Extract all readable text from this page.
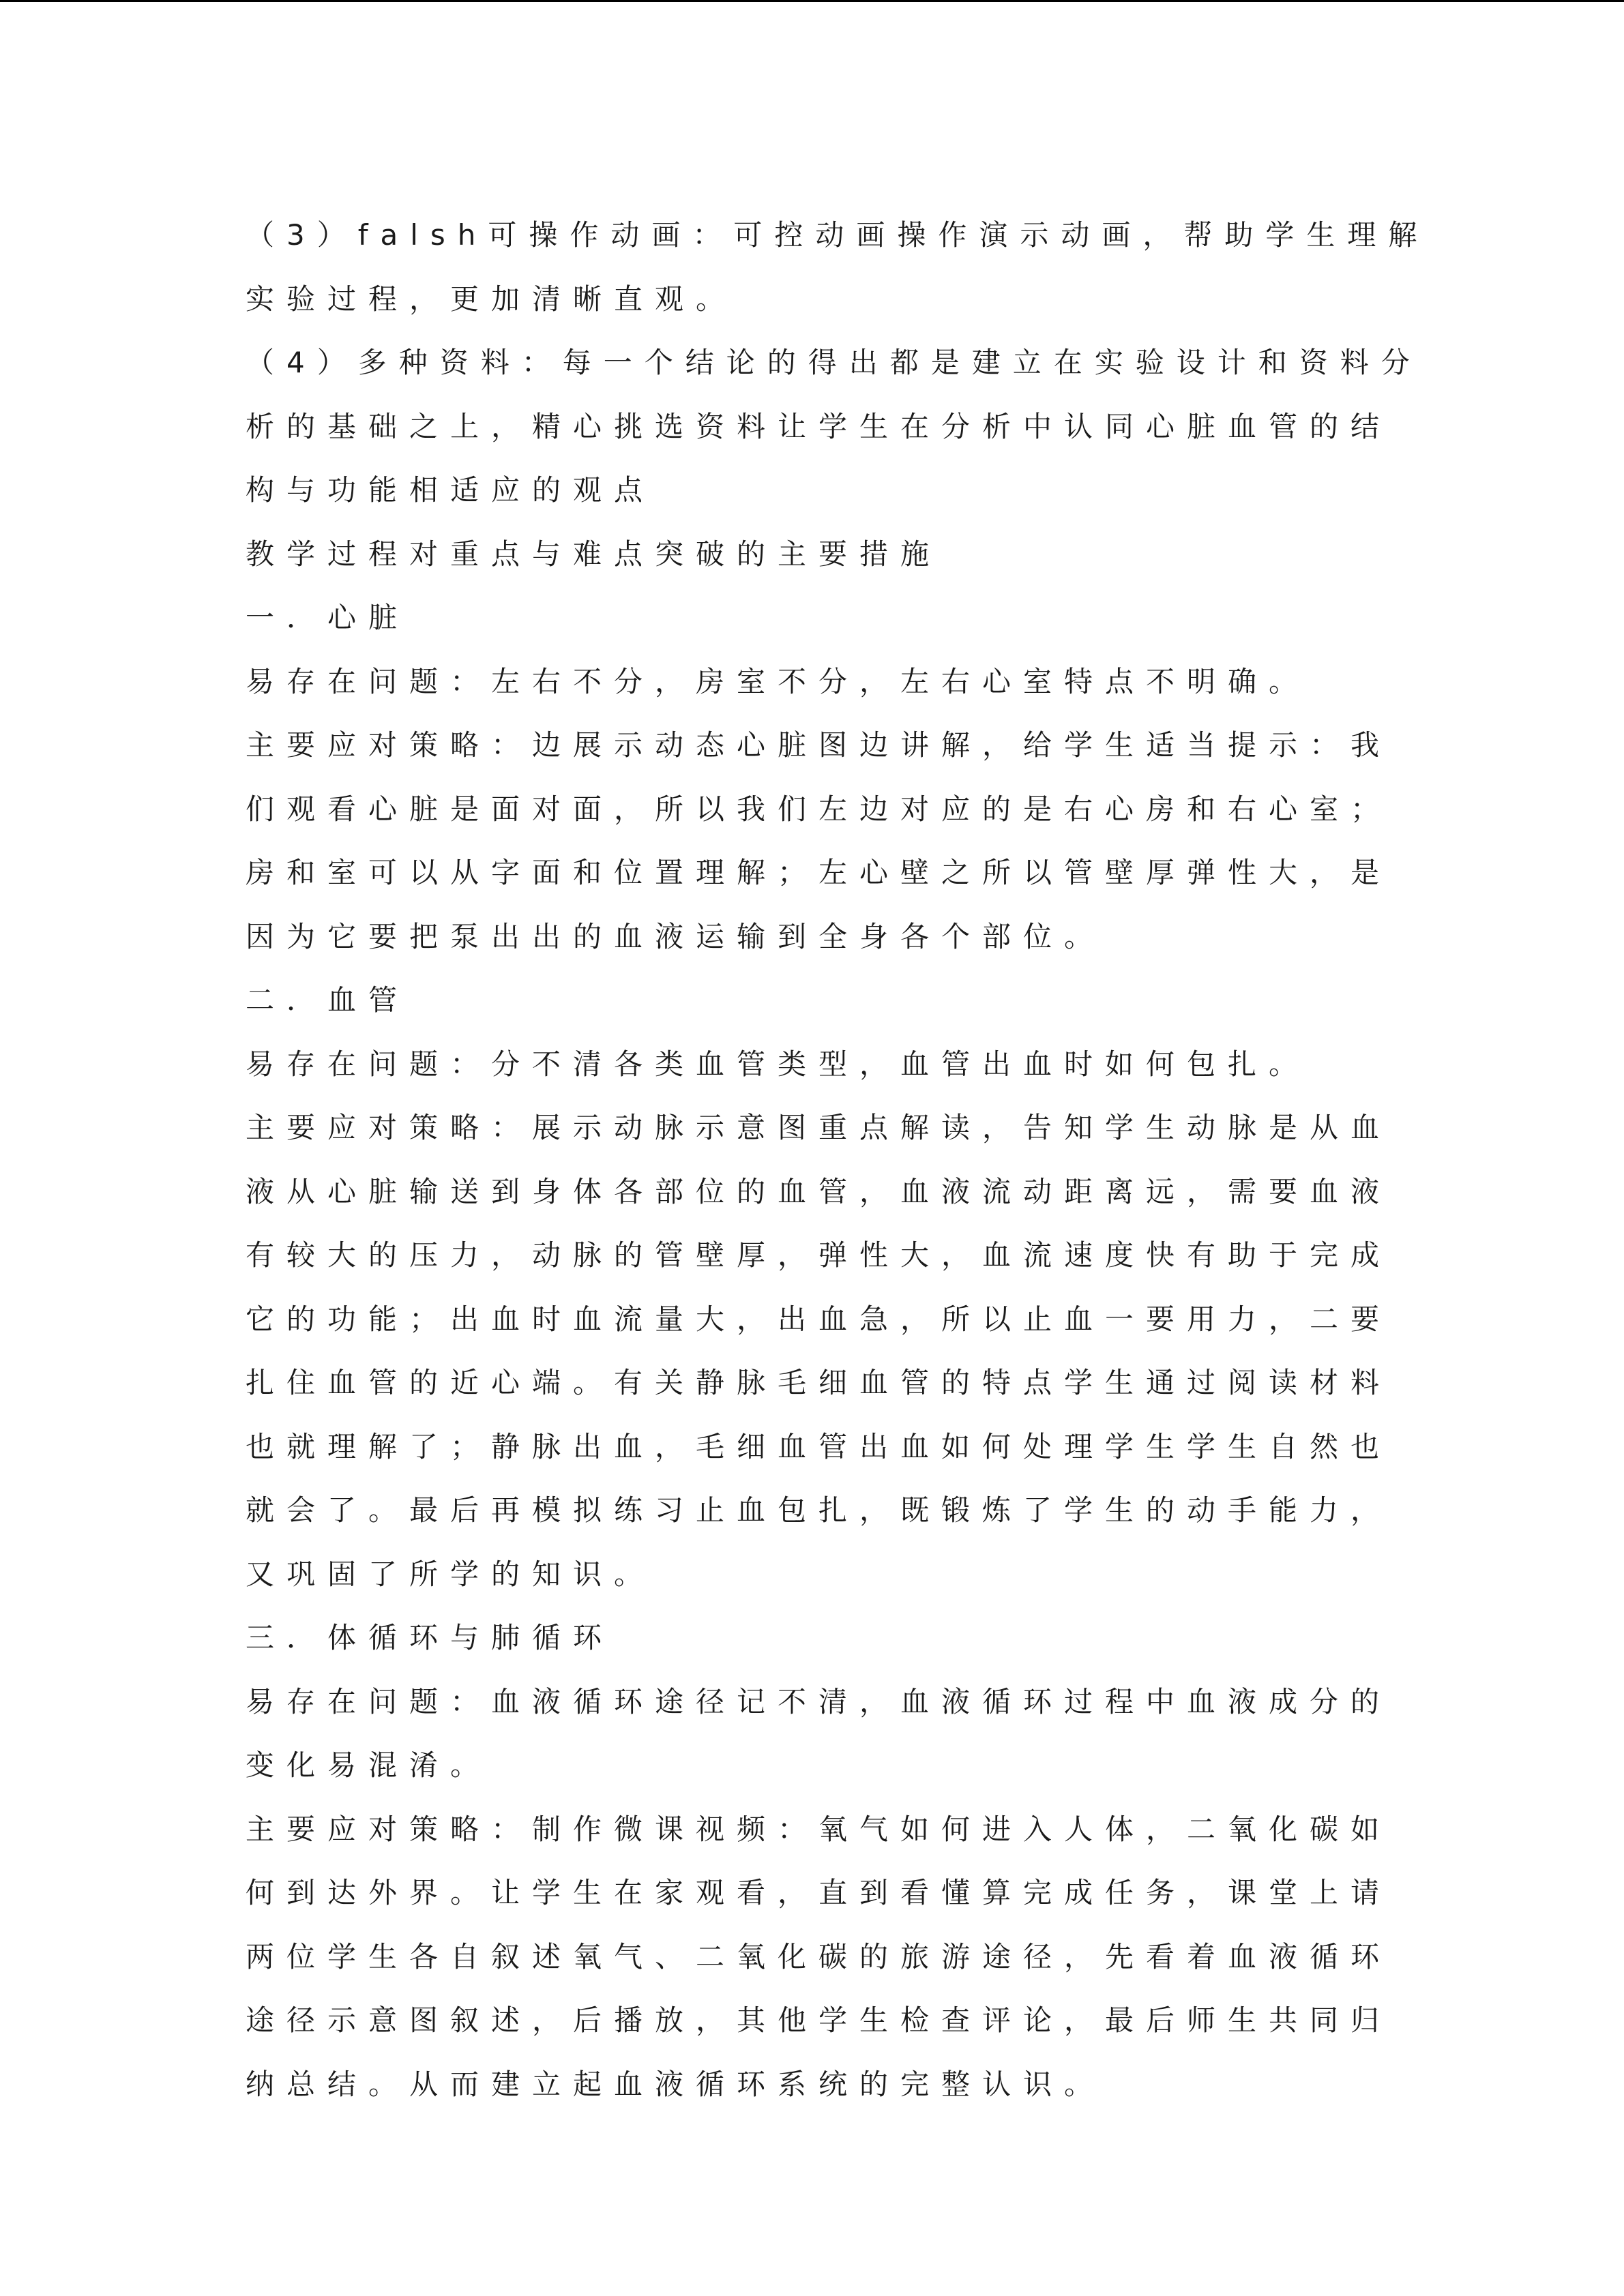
（3）falsh可操作动画：可控动画操作演示动画，帮助学生理解
实验过程，更加清晰直观。
（4）多种资料：每一个结论的得出都是建立在实验设计和资料分
析的基础之上，精心挑选资料让学生在分析中认同心脏血管的结
构与功能相适应的观点
教学过程对重点与难点突破的主要措施
一．心脏
易存在问题：左右不分，房室不分，左右心室特点不明确。
主要应对策略：边展示动态心脏图边讲解，给学生适当提示：我
们观看心脏是面对面，所以我们左边对应的是右心房和右心室；
房和室可以从字面和位置理解；左心壁之所以管壁厚弹性大，是
因为它要把泵出出的血液运输到全身各个部位。
二．血管
易存在问题：分不清各类血管类型，血管出血时如何包扎。
主要应对策略：展示动脉示意图重点解读，告知学生动脉是从血
液从心脏输送到身体各部位的血管，血液流动距离远，需要血液
有较大的压力，动脉的管壁厚，弹性大，血流速度快有助于完成
它的功能；出血时血流量大，出血急，所以止血一要用力，二要
扎住血管的近心端。有关静脉毛细血管的特点学生通过阅读材料
也就理解了；静脉出血，毛细血管出血如何处理学生学生自然也
就会了。最后再模拟练习止血包扎，既锻炼了学生的动手能力，
又巩固了所学的知识。
三．体循环与肺循环
易存在问题：血液循环途径记不清，血液循环过程中血液成分的
变化易混淆。
主要应对策略：制作微课视频：氧气如何进入人体，二氧化碳如
何到达外界。让学生在家观看，直到看懂算完成任务，课堂上请
两位学生各自叙述氧气、二氧化碳的旅游途径，先看着血液循环
途径示意图叙述，后播放，其他学生检查评论，最后师生共同归
纳总结。从而建立起血液循环系统的完整认识。
